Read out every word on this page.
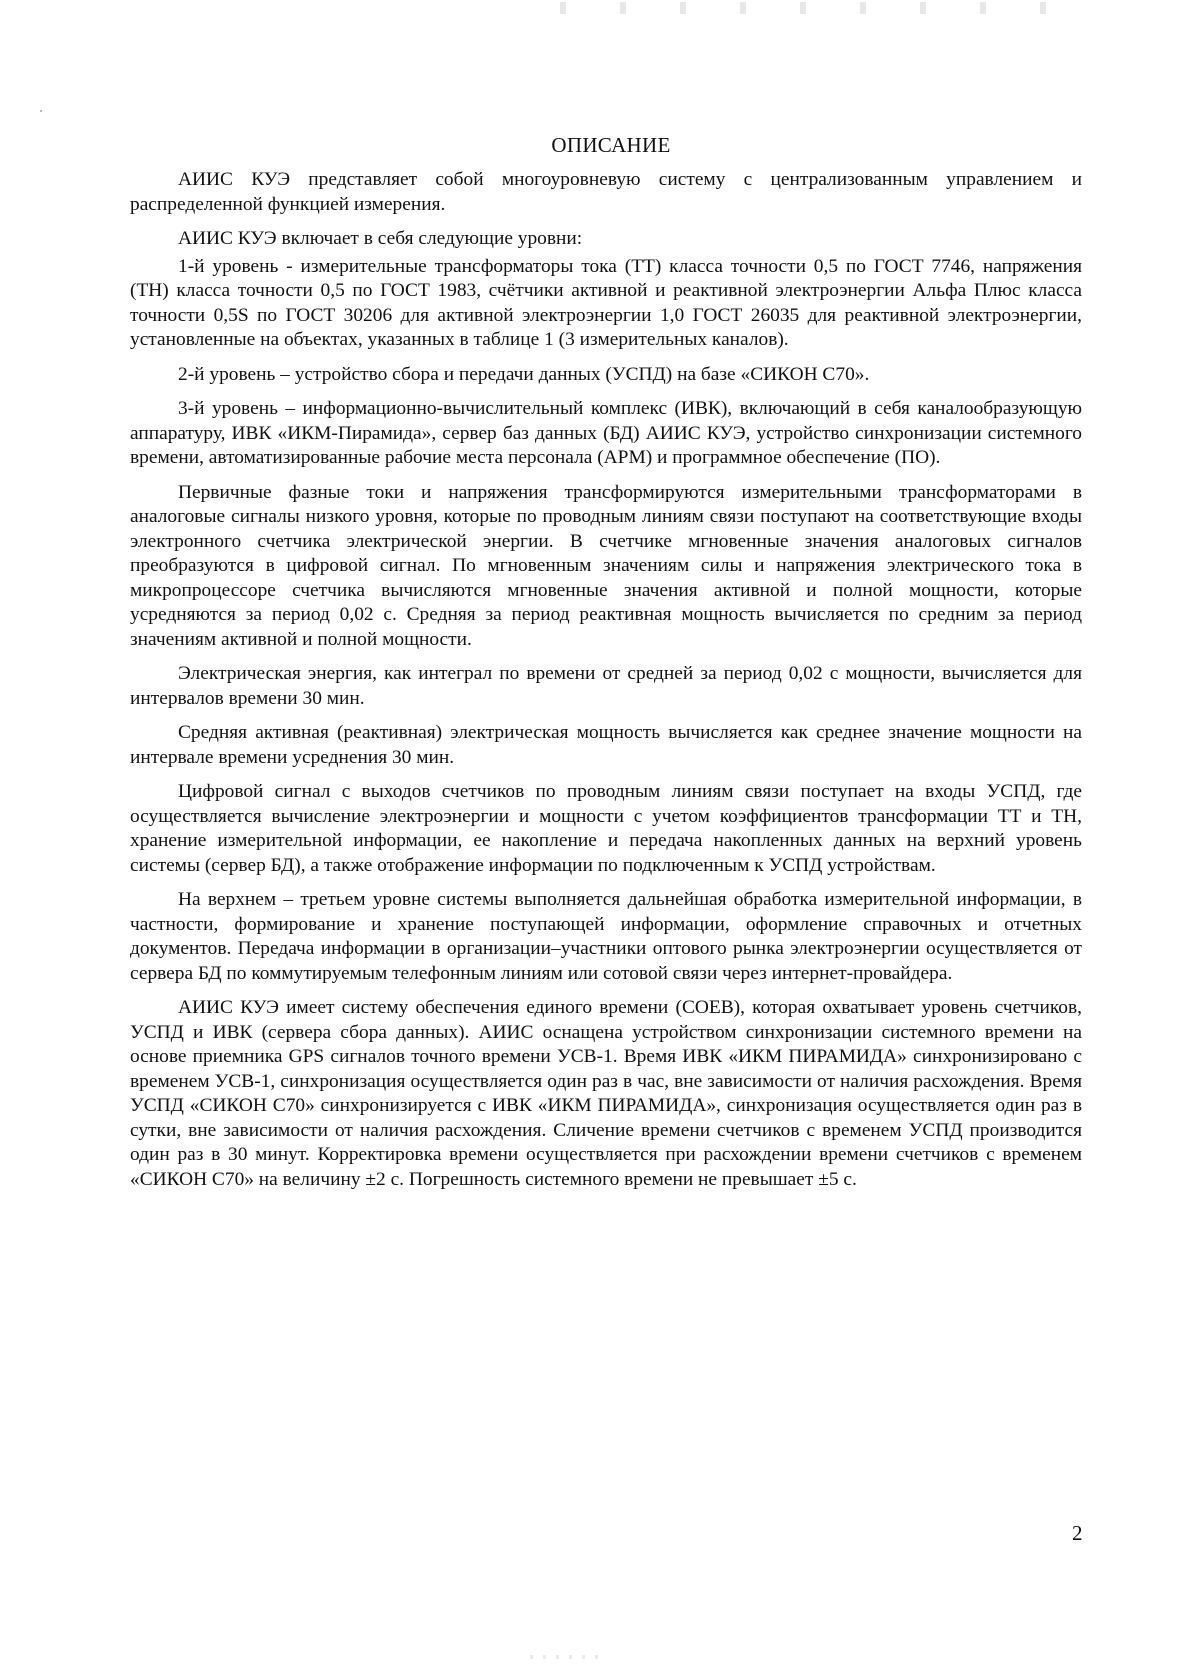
ОПИСАНИЕ

АИИС КУЭ представляет собой многоуровневую систему с централизованным управлением и распределенной функцией измерения.

АИИС КУЭ включает в себя следующие уровни:

1-й уровень - измерительные трансформаторы тока (ТТ) класса точности 0,5 по ГОСТ 7746, напряжения (ТН) класса точности 0,5 по ГОСТ 1983, счётчики активной и реактивной электроэнергии Альфа Плюс класса точности 0,5S по ГОСТ 30206 для активной электроэнергии 1,0 ГОСТ 26035 для реактивной электроэнергии, установленные на объектах, указанных в таблице 1 (3 измерительных каналов).

2-й уровень – устройство сбора и передачи данных (УСПД) на базе «СИКОН С70».

3-й уровень – информационно-вычислительный комплекс (ИВК), включающий в себя каналообразующую аппаратуру, ИВК «ИКМ-Пирамида», сервер баз данных (БД) АИИС КУЭ, устройство синхронизации системного времени, автоматизированные рабочие места персонала (АРМ) и программное обеспечение (ПО).

Первичные фазные токи и напряжения трансформируются измерительными трансформаторами в аналоговые сигналы низкого уровня, которые по проводным линиям связи поступают на соответствующие входы электронного счетчика электрической энергии. В счетчике мгновенные значения аналоговых сигналов преобразуются в цифровой сигнал. По мгновенным значениям силы и напряжения электрического тока в микропроцессоре счетчика вычисляются мгновенные значения активной и полной мощности, которые усредняются за период 0,02 с. Средняя за период реактивная мощность вычисляется по средним за период значениям активной и полной мощности.

Электрическая энергия, как интеграл по времени от средней за период 0,02 с мощности, вычисляется для интервалов времени 30 мин.

Средняя активная (реактивная) электрическая мощность вычисляется как среднее значение мощности на интервале времени усреднения 30 мин.

Цифровой сигнал с выходов счетчиков по проводным линиям связи поступает на входы УСПД, где осуществляется вычисление электроэнергии и мощности с учетом коэффициентов трансформации ТТ и ТН, хранение измерительной информации, ее накопление и передача накопленных данных на верхний уровень системы (сервер БД), а также отображение информации по подключенным к УСПД устройствам.

На верхнем – третьем уровне системы выполняется дальнейшая обработка измерительной информации, в частности, формирование и хранение поступающей информации, оформление справочных и отчетных документов. Передача информации в организации–участники оптового рынка электроэнергии осуществляется от сервера БД по коммутируемым телефонным линиям или сотовой связи через интернет-провайдера.

АИИС КУЭ имеет систему обеспечения единого времени (СОЕВ), которая охватывает уровень счетчиков, УСПД и ИВК (сервера сбора данных). АИИС оснащена устройством синхронизации системного времени на основе приемника GPS сигналов точного времени УСВ-1. Время ИВК «ИКМ ПИРАМИДА» синхронизировано с временем УСВ-1, синхронизация осуществляется один раз в час, вне зависимости от наличия расхождения. Время УСПД «СИКОН С70» синхронизируется с ИВК «ИКМ ПИРАМИДА», синхронизация осуществляется один раз в сутки, вне зависимости от наличия расхождения. Сличение времени счетчиков с временем УСПД производится один раз в 30 минут. Корректировка времени осуществляется при расхождении времени счетчиков с временем «СИКОН С70» на величину ±2 с. Погрешность системного времени не превышает ±5 с.

2
